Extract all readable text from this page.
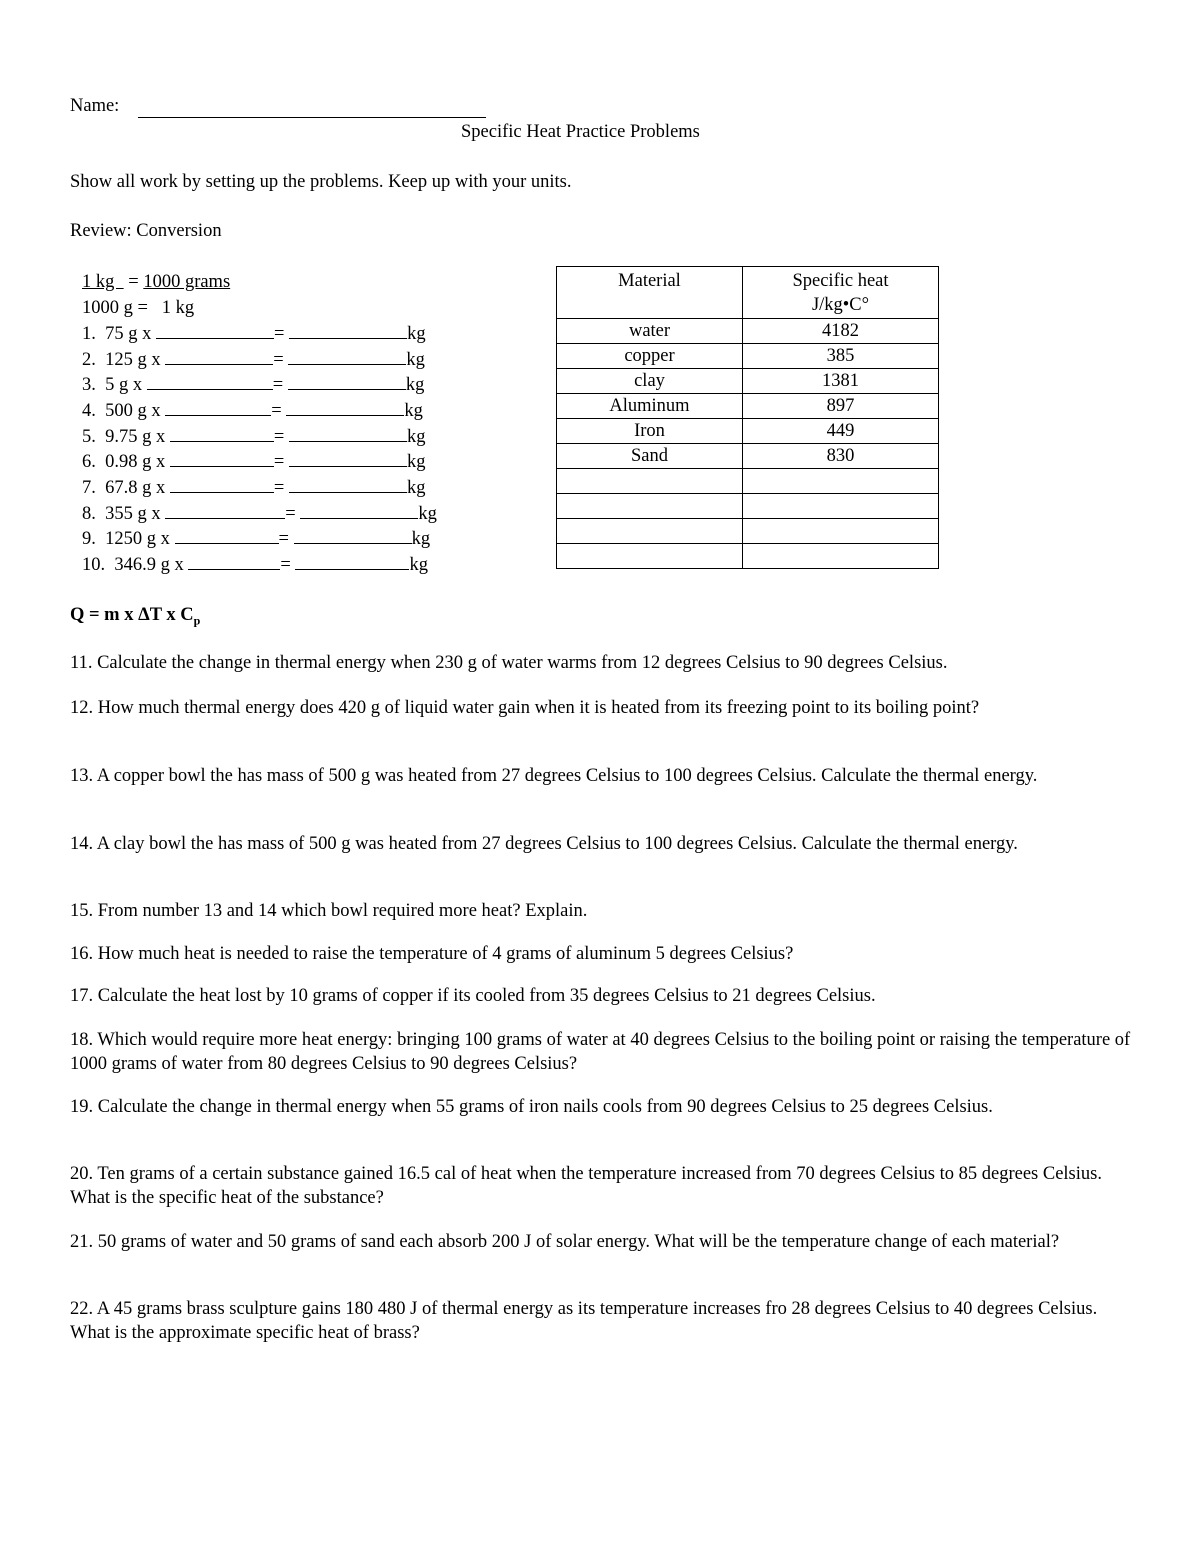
Name:
Specific Heat Practice Problems
Show all work by setting up the problems. Keep up with your units.
Review: Conversion
1 kg   = 1000 grams
1000 g =   1 kg
1. 75 g x	=	kg
2. 125 g x	=	kg
3. 5 g x	=	kg
4. 500 g x	=	kg
5. 9.75 g x	=	kg
6. 0.98 g x	=	kg
7. 67.8 g x	=	kg
8. 355 g x	=	kg
9. 1250 g x	=	kg
10. 346.9 g x	=	kg
Material	Specific heat
J/kg•C°

water	4182
copper	385
clay	1381
Aluminum	897
Iron	449
Sand	830

Q = m x ΔT x $C_p$
11. Calculate the change in thermal energy when 230 g of water warms from 12 degrees Celsius to 90 degrees Celsius.
12. How much thermal energy does 420 g of liquid water gain when it is heated from its freezing point to its boiling point?
13. A copper bowl the has mass of 500 g was heated from 27 degrees Celsius to 100 degrees Celsius. Calculate the thermal energy.
14. A clay bowl the has mass of 500 g was heated from 27 degrees Celsius to 100 degrees Celsius. Calculate the thermal energy.
15. From number 13 and 14 which bowl required more heat? Explain.
16. How much heat is needed to raise the temperature of 4 grams of aluminum 5 degrees Celsius?
17. Calculate the heat lost by 10 grams of copper if its cooled from 35 degrees Celsius to 21 degrees Celsius.
18. Which would require more heat energy: bringing 100 grams of water at 40 degrees Celsius to the boiling point or raising the temperature of 1000 grams of water from 80 degrees Celsius to 90 degrees Celsius?
19. Calculate the change in thermal energy when 55 grams of iron nails cools from 90 degrees Celsius to 25 degrees Celsius.
20. Ten grams of a certain substance gained 16.5 cal of heat when the temperature increased from 70 degrees Celsius to 85 degrees Celsius. What is the specific heat of the substance?
21. 50 grams of water and 50 grams of sand each absorb 200 J of solar energy. What will be the temperature change of each material?
22. A 45 grams brass sculpture gains 180 480 J of thermal energy as its temperature increases fro 28 degrees Celsius to 40 degrees Celsius. What is the approximate specific heat of brass?
